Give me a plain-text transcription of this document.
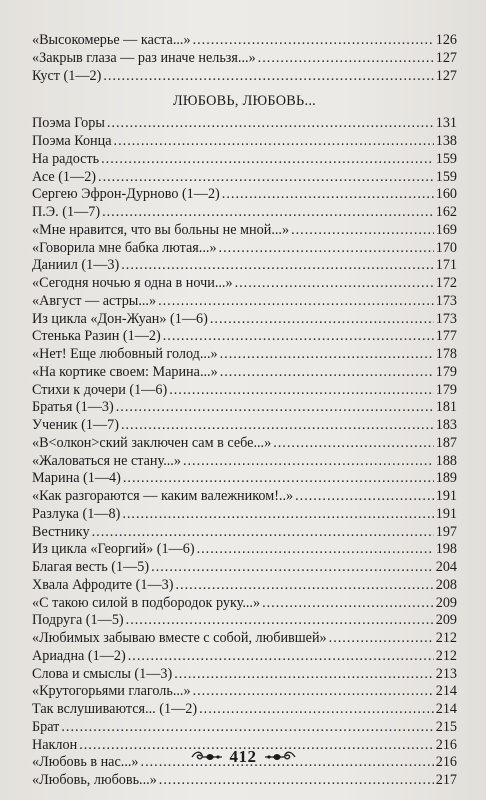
«Высокомерье — каста...» .....	126
«Закрыв глаза — раз иначе нельзя...» .....	127
Куст (1—2) .....	127
ЛЮБОВЬ, ЛЮБОВЬ...
Поэма Горы .....	131
Поэма Конца .....	138
На радость .....	159
Асе (1—2) .....	159
Сергею Эфрон-Дурново (1—2) .....	160
П.Э. (1—7) .....	162
«Мне нравится, что вы больны не мной...» .....	169
«Говорила мне бабка лютая...» .....	170
Даниил (1—3) .....	171
«Сегодня ночью я одна в ночи...» .....	172
«Август — астры...» .....	173
Из цикла «Дон-Жуан» (1—6) .....	173
Стенька Разин (1—2) .....	177
«Нет! Еще любовный голод...» .....	178
«На кортике своем: Марина...» .....	179
Стихи к дочери (1—6) .....	179
Братья (1—3) .....	181
Ученик (1—7) .....	183
«В<олкон>ский заключен сам в себе...» .....	187
«Жаловаться не стану...» .....	188
Марина (1—4) .....	189
«Как разгораются — каким валежником!..» .....	191
Разлука (1—8) .....	191
Вестнику .....	197
Из цикла «Георгий» (1—6) .....	198
Благая весть (1—5) .....	204
Хвала Афродите (1—3) .....	208
«С такою силой в подбородок руку...» .....	209
Подруга (1—5) .....	209
«Любимых забываю вместе с собой, любившей» .....	212
Ариадна (1—2) .....	212
Слова и смыслы (1—3) .....	213
«Крутогорьями глаголь...» .....	214
Так вслушиваются... (1—2) .....	214
Брат .....	215
Наклон .....	216
«Любовь в нас...» .....	216
«Любовь, любовь...» .....	217
412
